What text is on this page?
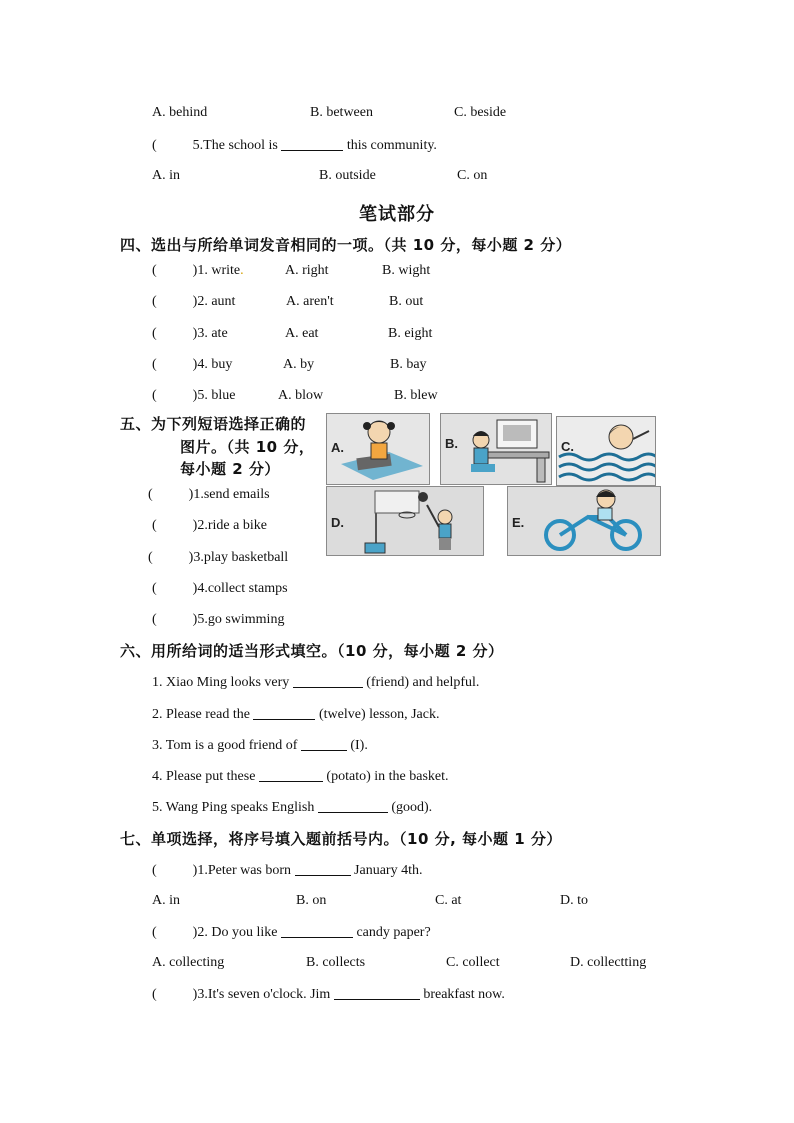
A. behind	B. between	C. beside
(	5.The school is	this community.
A. in	B. outside	C. on
笔试部分
四、选出与所给单词发音相同的一项。（共 10 分，每小题 2 分）
(	)1. write.	A. right	B. wight
(	)2. aunt	A. aren't	B. out
(	)3. ate	A. eat	B. eight
(	)4. buy	A. by	B. bay
(	)5. blue	A. blow	B. blew
五、为下列短语选择正确的
图片。（共 10 分，
每小题 2 分）
(	)1.send emails
(	)2.ride a bike
(	)3.play basketball
(	)4.collect stamps
(	)5.go swimming
A.	B.	C.
D.	E.
六、用所给词的适当形式填空。（10 分，每小题 2 分）
1. Xiao Ming looks very	(friend) and helpful.
2. Please read the	(twelve) lesson, Jack.
3. Tom is a good friend of	(I).
4. Please put these	(potato) in the basket.
5. Wang Ping speaks English	(good).
七、单项选择，将序号填入题前括号内。（10 分, 每小题 1 分）
(	)1.Peter was born	January 4th.
A. in	B. on	C. at	D. to
(	)2. Do you like	candy paper?
A. collecting	B. collects	C. collect	D. collectting
(	)3.It's seven o'clock. Jim	breakfast now.
